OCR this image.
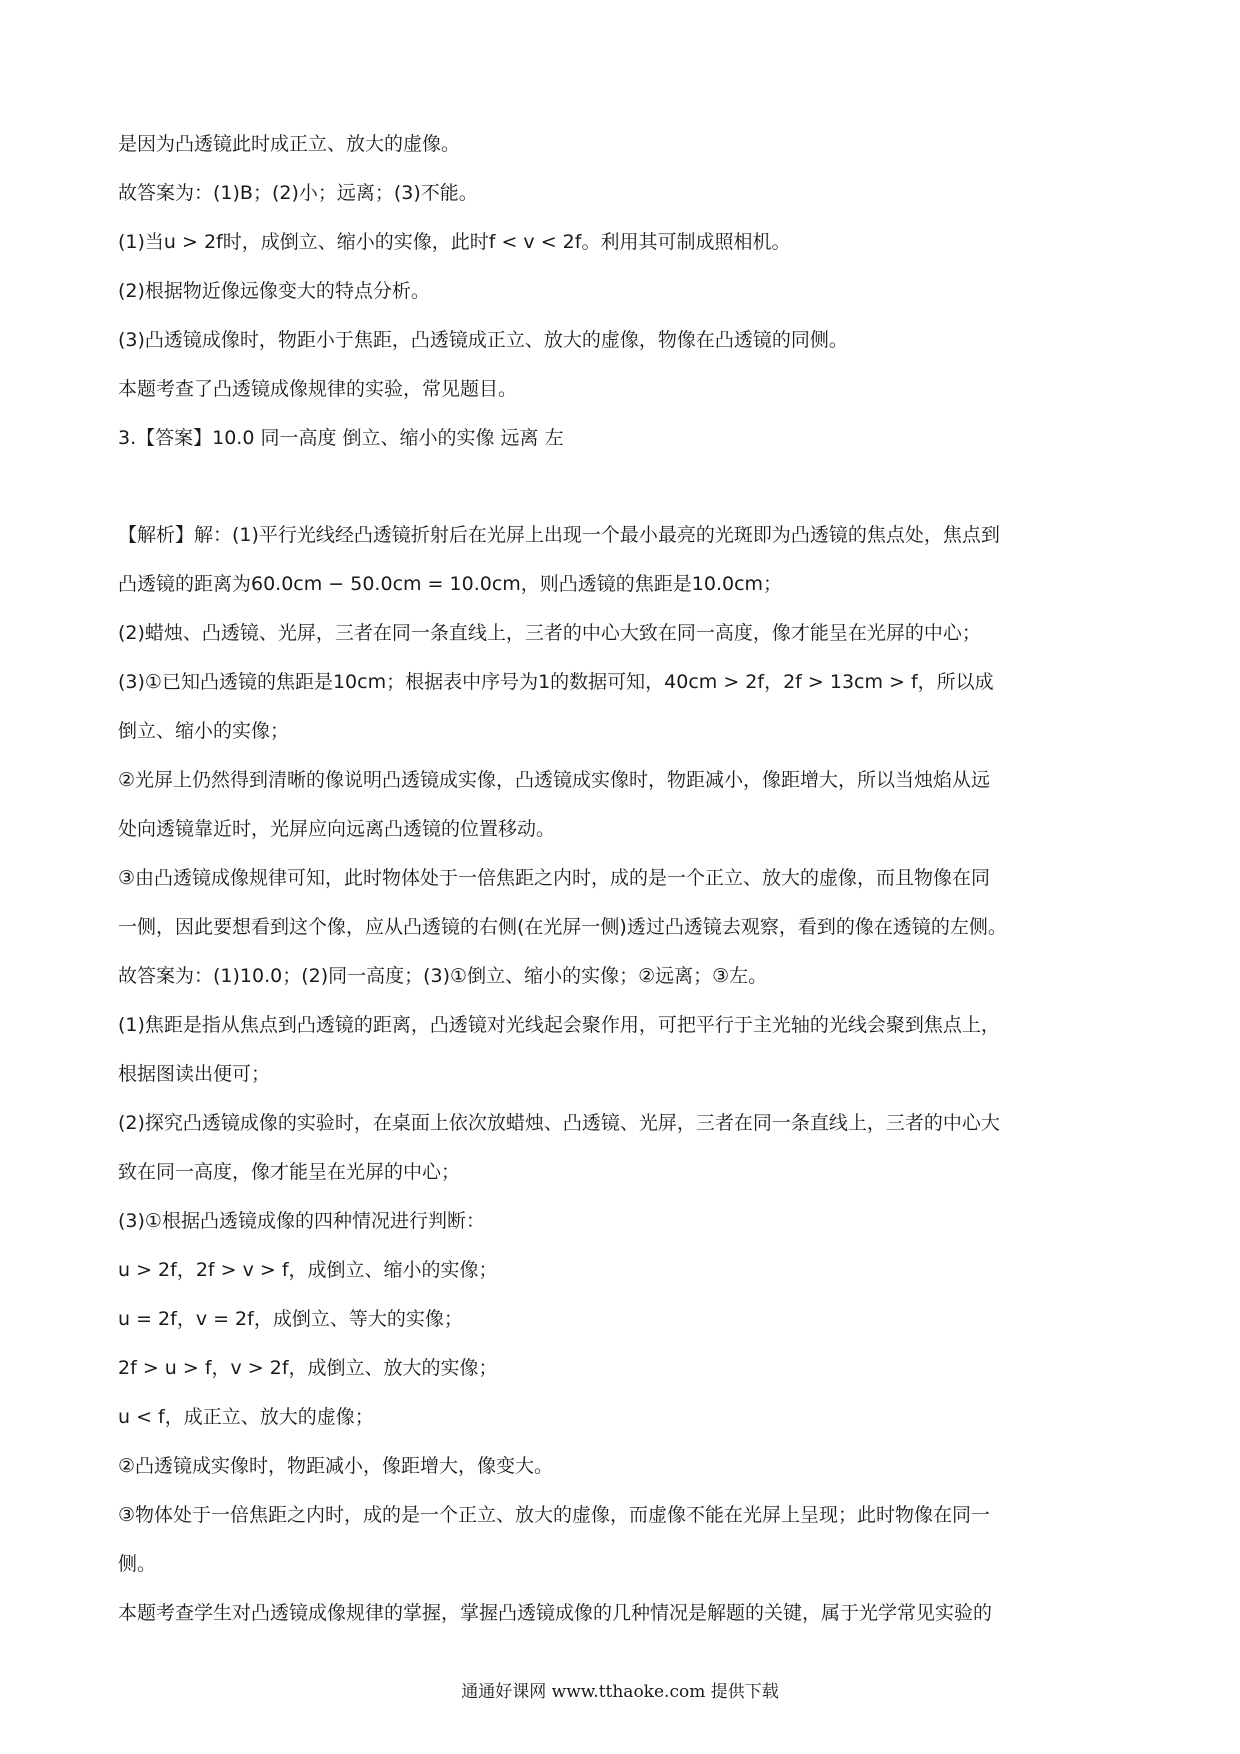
是因为凸透镜此时成正立、放大的虚像。
故答案为：(1)B；(2)小；远离；(3)不能。
(1)当u > 2f时，成倒立、缩小的实像，此时f < v < 2f。利用其可制成照相机。
(2)根据物近像远像变大的特点分析。
(3)凸透镜成像时，物距小于焦距，凸透镜成正立、放大的虚像，物像在凸透镜的同侧。
本题考查了凸透镜成像规律的实验，常见题目。
3.【答案】10.0 同一高度 倒立、缩小的实像 远离 左
【解析】解：(1)平行光线经凸透镜折射后在光屏上出现一个最小最亮的光斑即为凸透镜的焦点处，焦点到
凸透镜的距离为60.0cm − 50.0cm = 10.0cm，则凸透镜的焦距是10.0cm；
(2)蜡烛、凸透镜、光屏，三者在同一条直线上，三者的中心大致在同一高度，像才能呈在光屏的中心；
(3)①已知凸透镜的焦距是10cm；根据表中序号为1的数据可知，40cm > 2f，2f > 13cm > f，所以成
倒立、缩小的实像；
②光屏上仍然得到清晰的像说明凸透镜成实像，凸透镜成实像时，物距减小，像距增大，所以当烛焰从远
处向透镜靠近时，光屏应向远离凸透镜的位置移动。
③由凸透镜成像规律可知，此时物体处于一倍焦距之内时，成的是一个正立、放大的虚像，而且物像在同
一侧，因此要想看到这个像，应从凸透镜的右侧(在光屏一侧)透过凸透镜去观察，看到的像在透镜的左侧。
故答案为：(1)10.0；(2)同一高度；(3)①倒立、缩小的实像；②远离；③左。
(1)焦距是指从焦点到凸透镜的距离，凸透镜对光线起会聚作用，可把平行于主光轴的光线会聚到焦点上，
根据图读出便可；
(2)探究凸透镜成像的实验时，在桌面上依次放蜡烛、凸透镜、光屏，三者在同一条直线上，三者的中心大
致在同一高度，像才能呈在光屏的中心；
(3)①根据凸透镜成像的四种情况进行判断：
u > 2f，2f > v > f，成倒立、缩小的实像；
u = 2f，v = 2f，成倒立、等大的实像；
2f > u > f，v > 2f，成倒立、放大的实像；
u < f，成正立、放大的虚像；
②凸透镜成实像时，物距减小，像距增大，像变大。
③物体处于一倍焦距之内时，成的是一个正立、放大的虚像，而虚像不能在光屏上呈现；此时物像在同一
侧。
本题考查学生对凸透镜成像规律的掌握，掌握凸透镜成像的几种情况是解题的关键，属于光学常见实验的
通通好课网 www.tthaoke.com 提供下载
